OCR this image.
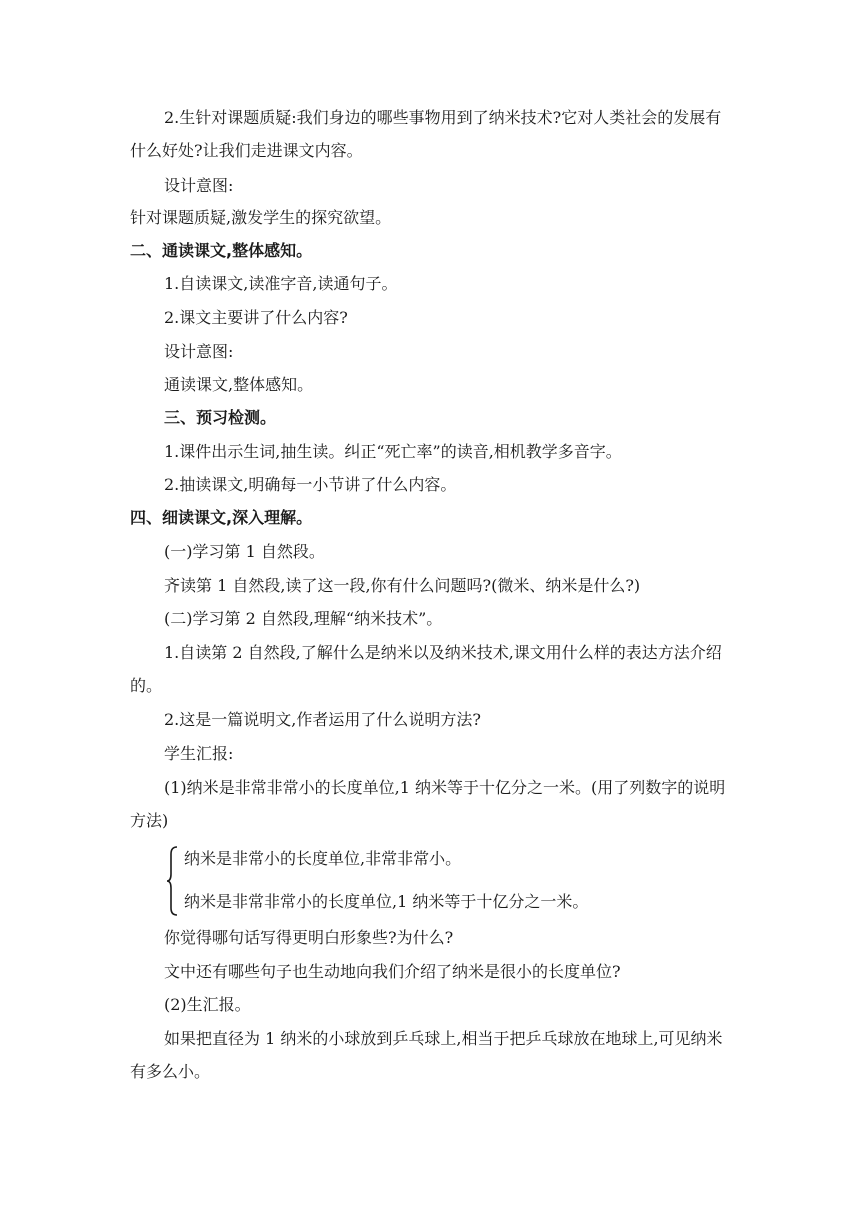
2.生针对课题质疑:我们身边的哪些事物用到了纳米技术?它对人类社会的发展有什么好处?让我们走进课文内容。
设计意图:
针对课题质疑,激发学生的探究欲望。
二、通读课文,整体感知。
1.自读课文,读准字音,读通句子。
2.课文主要讲了什么内容?
设计意图:
通读课文,整体感知。
三、预习检测。
1.课件出示生词,抽生读。纠正“死亡率”的读音,相机教学多音字。
2.抽读课文,明确每一小节讲了什么内容。
四、细读课文,深入理解。
(一)学习第 1 自然段。
齐读第 1 自然段,读了这一段,你有什么问题吗?(微米、纳米是什么?)
(二)学习第 2 自然段,理解“纳米技术”。
1.自读第 2 自然段,了解什么是纳米以及纳米技术,课文用什么样的表达方法介绍的。
2.这是一篇说明文,作者运用了什么说明方法?
学生汇报:
(1)纳米是非常非常小的长度单位,1 纳米等于十亿分之一米。(用了列数字的说明方法)
纳米是非常小的长度单位,非常非常小。
纳米是非常非常小的长度单位,1 纳米等于十亿分之一米。
你觉得哪句话写得更明白形象些?为什么?
文中还有哪些句子也生动地向我们介绍了纳米是很小的长度单位?
(2)生汇报。
如果把直径为 1 纳米的小球放到乒乓球上,相当于把乒乓球放在地球上,可见纳米有多么小。
